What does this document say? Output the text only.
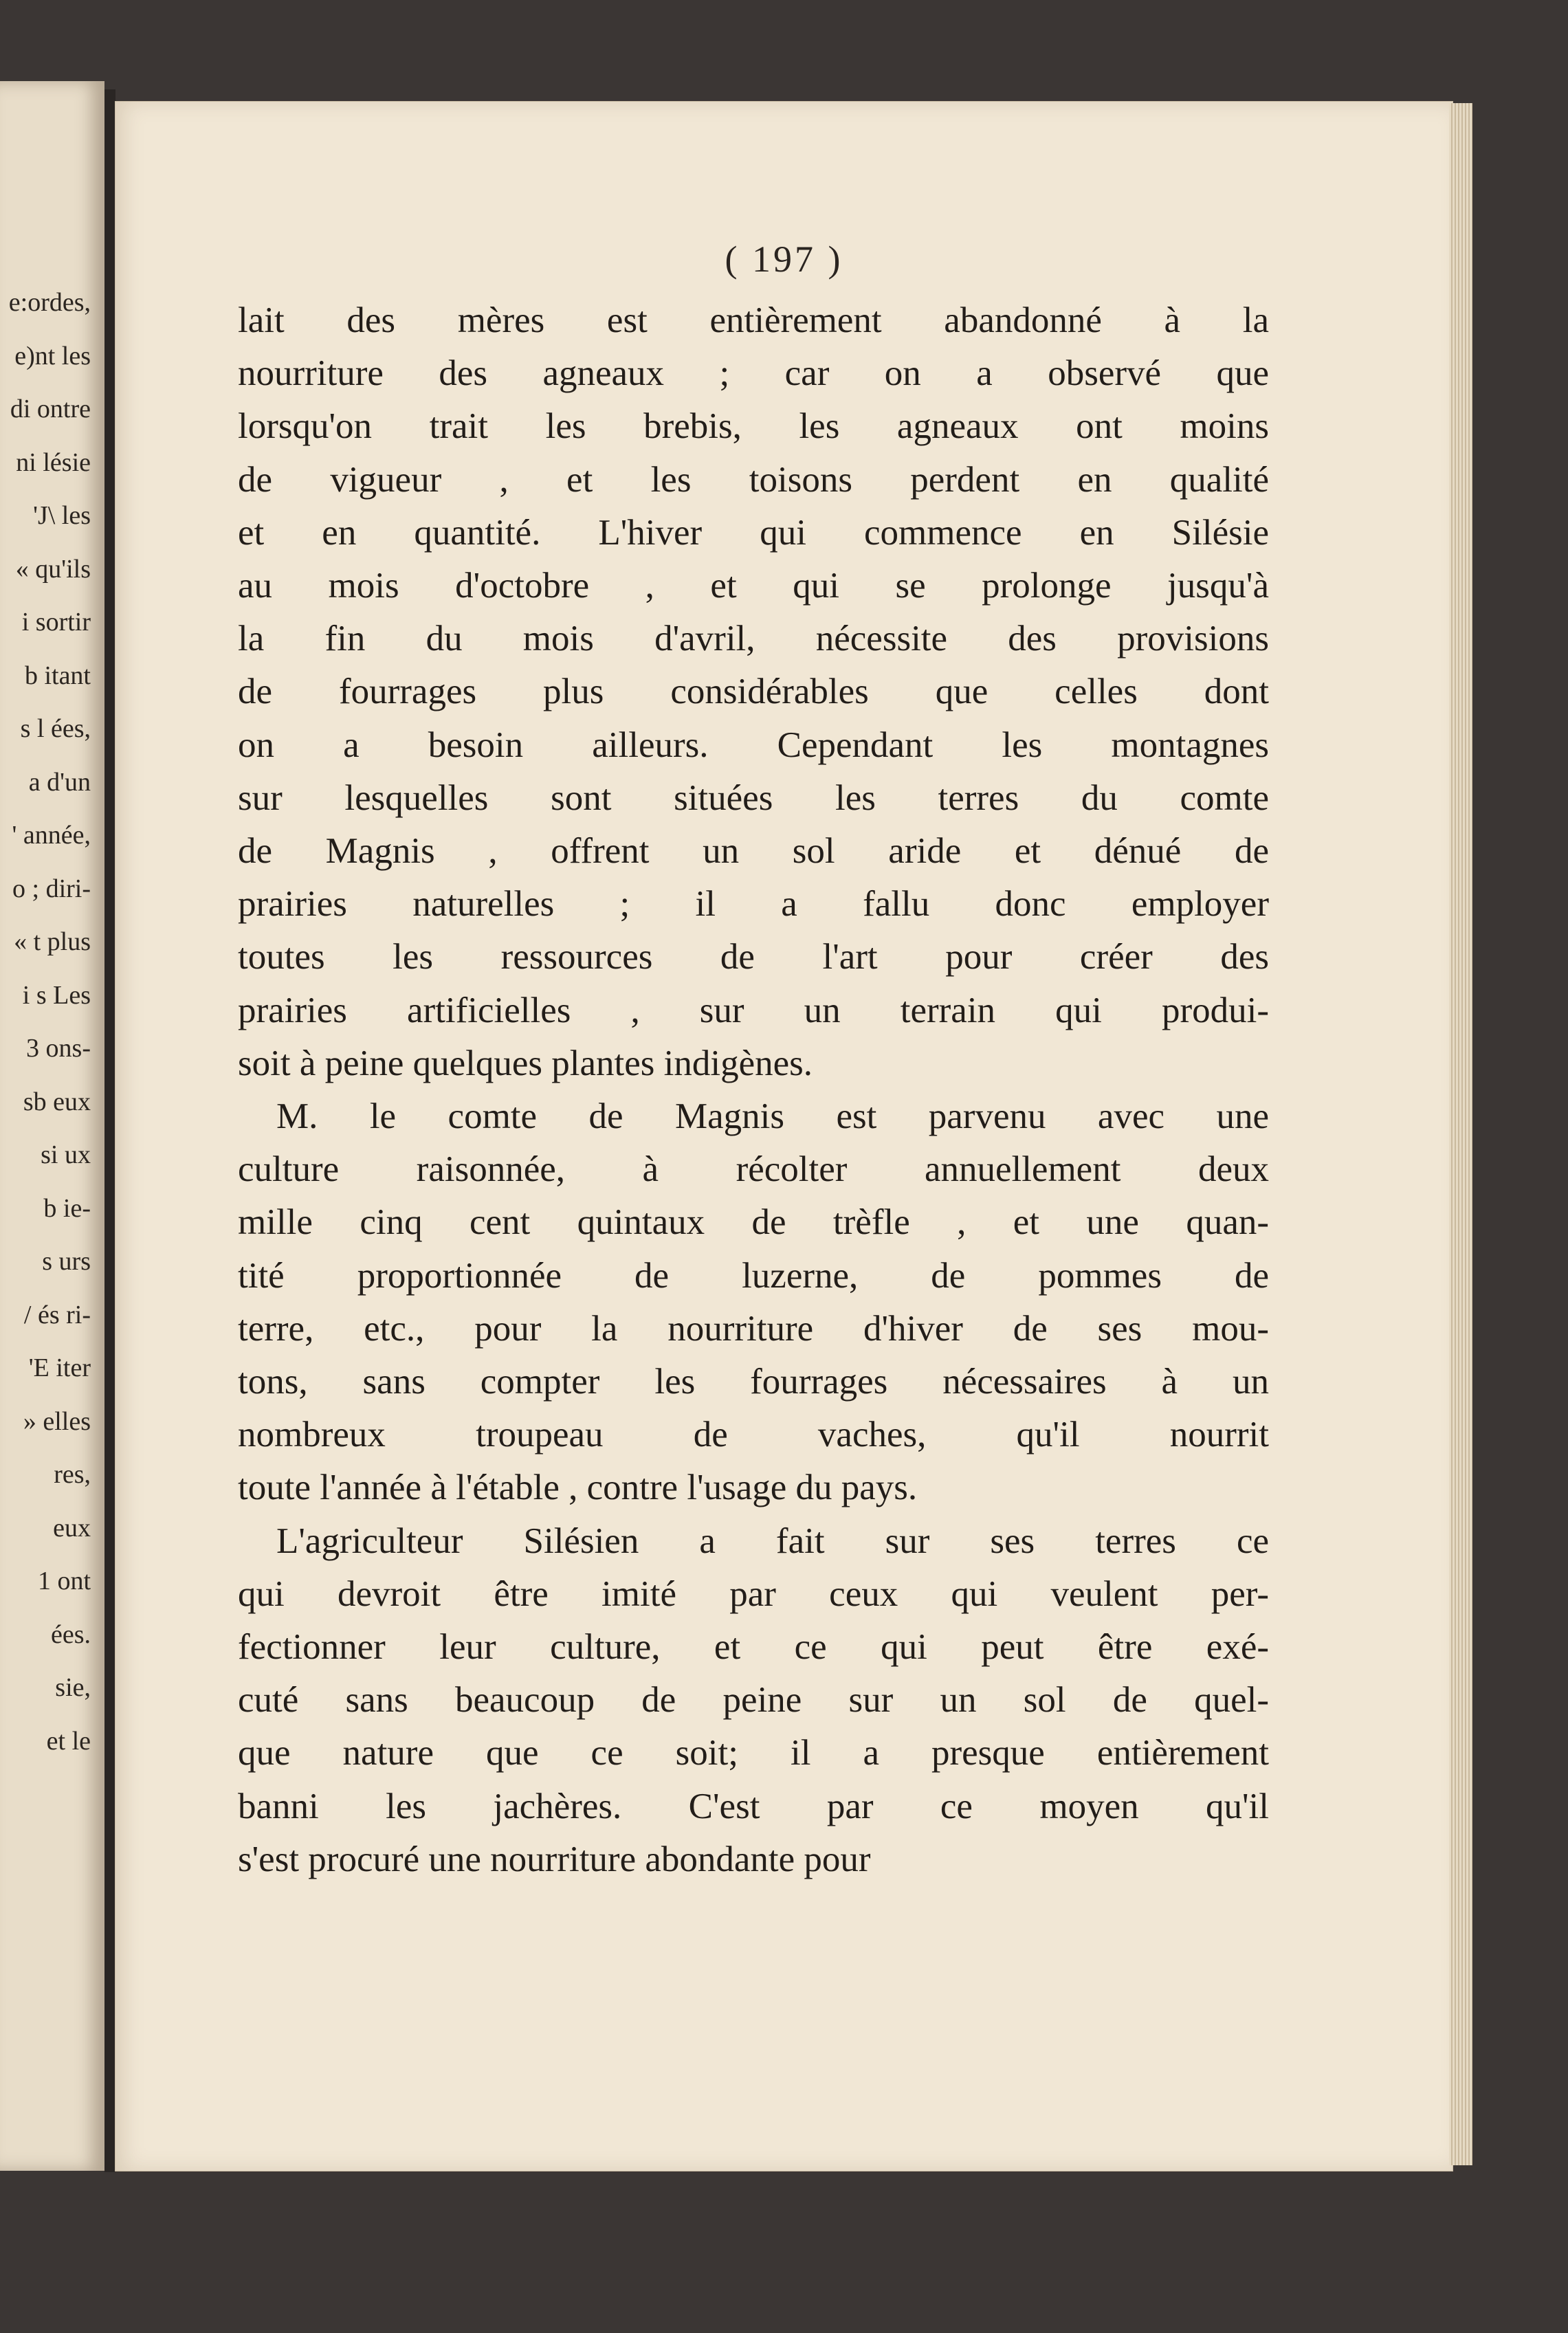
e:ordes,
e)nt les
di ontre
ni lésie
'J\ les
« qu'ils
i sortir
b itant
s l ées,
a d'un
' année,
o ; diri-
« t plus
i s Les
3 ons-
sb eux
si ux
b ie-
s urs
/ és ri-
'E iter
» elles
res,
eux
1 ont
ées.
sie,
et le
( 197 )
lait des mères est entièrement abandonné à la
nourriture des agneaux ; car on a observé que
lorsqu'on trait les brebis, les agneaux ont moins
de vigueur , et les toisons perdent en qualité
et en quantité. L'hiver qui commence en Silésie
au mois d'octobre , et qui se prolonge jusqu'à
la fin du mois d'avril, nécessite des provisions
de fourrages plus considérables que celles dont
on a besoin ailleurs. Cependant les montagnes
sur lesquelles sont situées les terres du comte
de Magnis , offrent un sol aride et dénué de
prairies naturelles ; il a fallu donc employer
toutes les ressources de l'art pour créer des
prairies artificielles , sur un terrain qui produi-
soit à peine quelques plantes indigènes.
M. le comte de Magnis est parvenu avec une
culture raisonnée, à récolter annuellement deux
mille cinq cent quintaux de trèfle , et une quan-
tité proportionnée de luzerne, de pommes de
terre, etc., pour la nourriture d'hiver de ses mou-
tons, sans compter les fourrages nécessaires à un
nombreux troupeau de vaches, qu'il nourrit
toute l'année à l'étable , contre l'usage du pays.
L'agriculteur Silésien a fait sur ses terres ce
qui devroit être imité par ceux qui veulent per-
fectionner leur culture, et ce qui peut être exé-
cuté sans beaucoup de peine sur un sol de quel-
que nature que ce soit; il a presque entièrement
banni les jachères. C'est par ce moyen qu'il
s'est procuré une nourriture abondante pour
